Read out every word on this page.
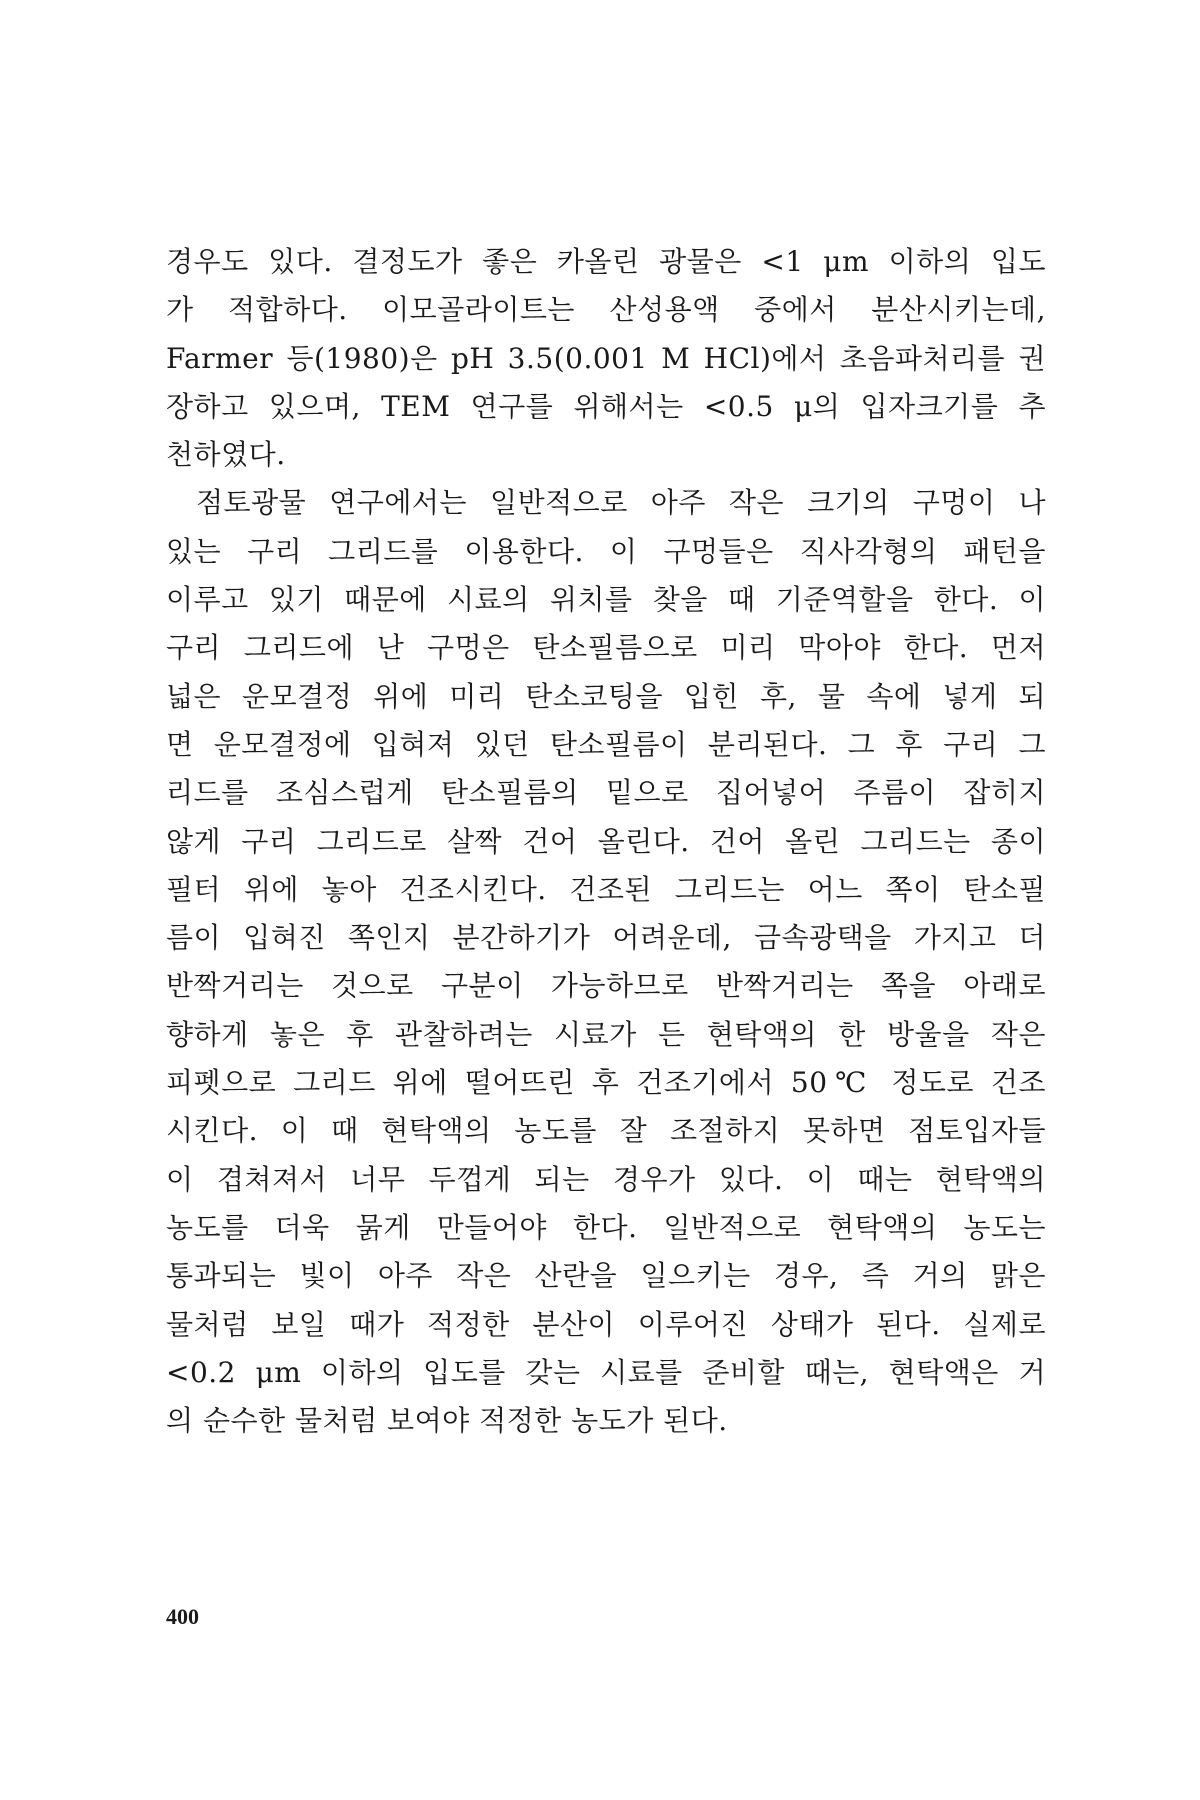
경우도 있다. 결정도가 좋은 카올린 광물은 <1 μm 이하의 입도
가 적합하다. 이모골라이트는 산성용액 중에서 분산시키는데,
Farmer 등(1980)은 pH 3.5(0.001 M HCl)에서 초음파처리를 권
장하고 있으며, TEM 연구를 위해서는 <0.5 μ의 입자크기를 추
천하였다.
점토광물 연구에서는 일반적으로 아주 작은 크기의 구멍이 나
있는 구리 그리드를 이용한다. 이 구멍들은 직사각형의 패턴을
이루고 있기 때문에 시료의 위치를 찾을 때 기준역할을 한다. 이
구리 그리드에 난 구멍은 탄소필름으로 미리 막아야 한다. 먼저
넓은 운모결정 위에 미리 탄소코팅을 입힌 후, 물 속에 넣게 되
면 운모결정에 입혀져 있던 탄소필름이 분리된다. 그 후 구리 그
리드를 조심스럽게 탄소필름의 밑으로 집어넣어 주름이 잡히지
않게 구리 그리드로 살짝 건어 올린다. 건어 올린 그리드는 종이
필터 위에 놓아 건조시킨다. 건조된 그리드는 어느 쪽이 탄소필
름이 입혀진 쪽인지 분간하기가 어려운데, 금속광택을 가지고 더
반짝거리는 것으로 구분이 가능하므로 반짝거리는 쪽을 아래로
향하게 놓은 후 관찰하려는 시료가 든 현탁액의 한 방울을 작은
피펫으로 그리드 위에 떨어뜨린 후 건조기에서 50℃ 정도로 건조
시킨다. 이 때 현탁액의 농도를 잘 조절하지 못하면 점토입자들
이 겹쳐져서 너무 두껍게 되는 경우가 있다. 이 때는 현탁액의
농도를 더욱 묽게 만들어야 한다. 일반적으로 현탁액의 농도는
통과되는 빛이 아주 작은 산란을 일으키는 경우, 즉 거의 맑은
물처럼 보일 때가 적정한 분산이 이루어진 상태가 된다. 실제로
<0.2 μm 이하의 입도를 갖는 시료를 준비할 때는, 현탁액은 거
의 순수한 물처럼 보여야 적정한 농도가 된다.
400
